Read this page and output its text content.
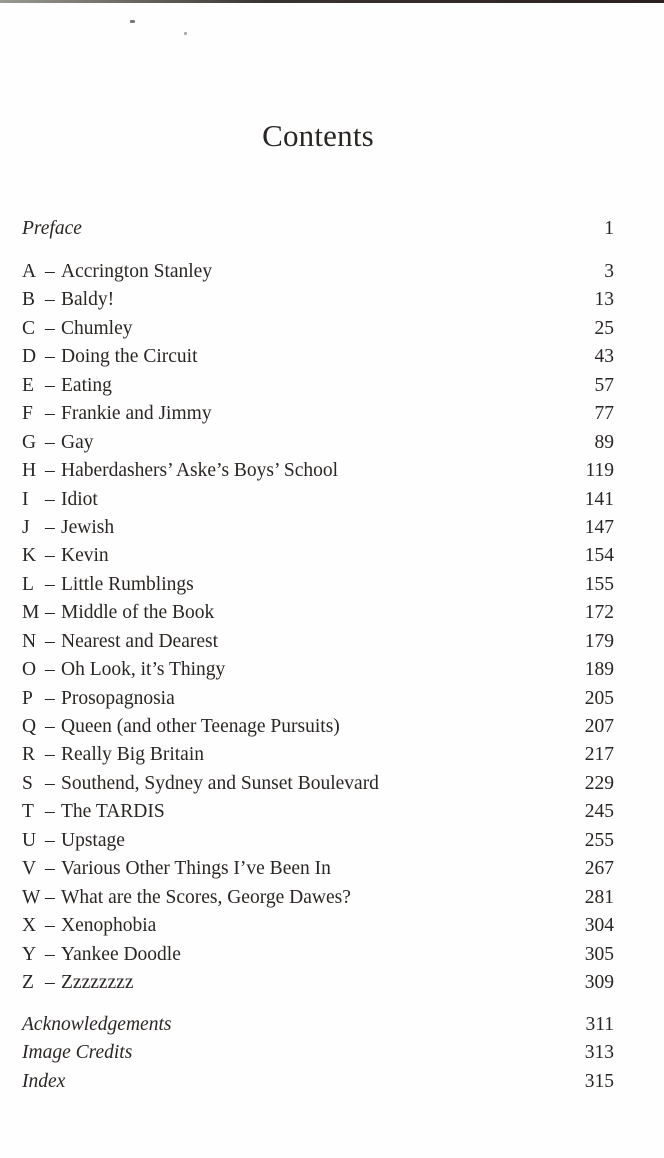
Contents
Preface	1
A – Accrington Stanley	3
B – Baldy!	13
C – Chumley	25
D – Doing the Circuit	43
E – Eating	57
F – Frankie and Jimmy	77
G – Gay	89
H – Haberdashers’ Aske’s Boys’ School	119
I – Idiot	141
J – Jewish	147
K – Kevin	154
L – Little Rumblings	155
M – Middle of the Book	172
N – Nearest and Dearest	179
O – Oh Look, it’s Thingy	189
P – Prosopagnosia	205
Q – Queen (and other Teenage Pursuits)	207
R – Really Big Britain	217
S – Southend, Sydney and Sunset Boulevard	229
T – The TARDIS	245
U – Upstage	255
V – Various Other Things I’ve Been In	267
W – What are the Scores, George Dawes?	281
X – Xenophobia	304
Y – Yankee Doodle	305
Z – Zzzzzzzz	309
Acknowledgements	311
Image Credits	313
Index	315
